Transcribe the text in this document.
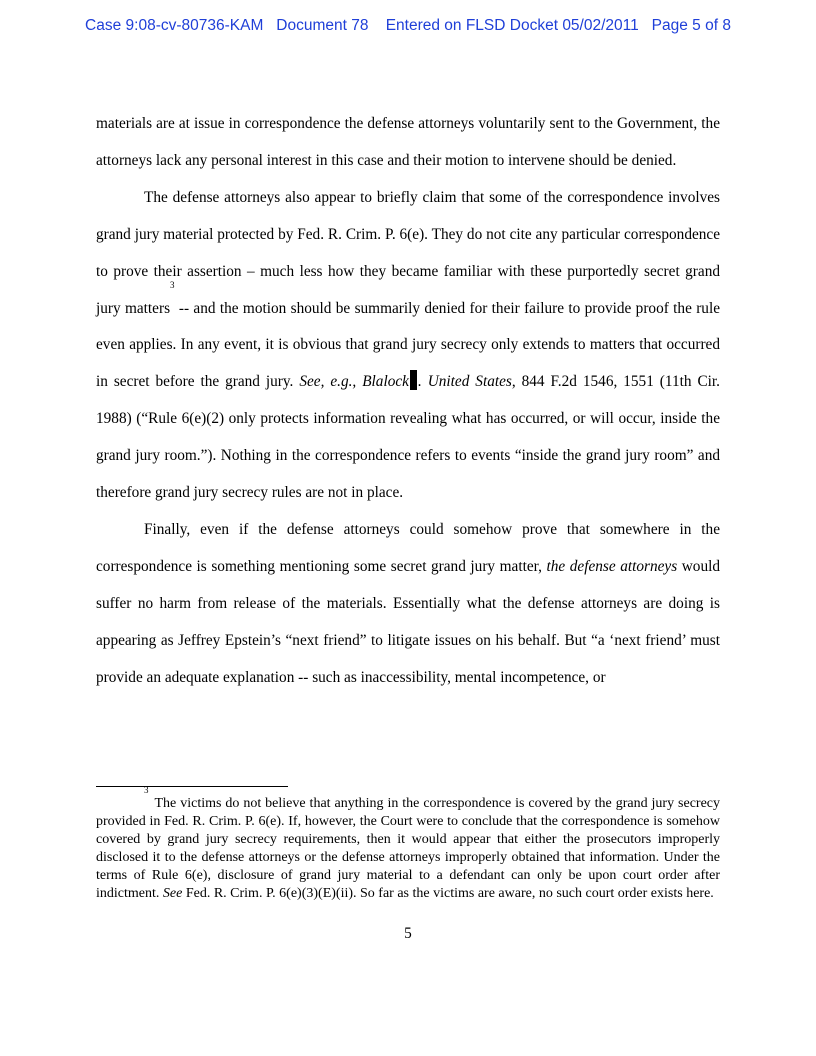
Case 9:08-cv-80736-KAM   Document 78    Entered on FLSD Docket 05/02/2011   Page 5 of 8

materials are at issue in correspondence the defense attorneys voluntarily sent to the Government, the attorneys lack any personal interest in this case and their motion to intervene should be denied.

The defense attorneys also appear to briefly claim that some of the correspondence involves grand jury material protected by Fed. R. Crim. P. 6(e). They do not cite any particular correspondence to prove their assertion – much less how they became familiar with these purportedly secret grand jury matters$^3$ -- and the motion should be summarily denied for their failure to provide proof the rule even applies. In any event, it is obvious that grand jury secrecy only extends to matters that occurred in secret before the grand jury. See, e.g., Blalock . United States, 844 F.2d 1546, 1551 (11th Cir. 1988) (“Rule 6(e)(2) only protects information revealing what has occurred, or will occur, inside the grand jury room.”). Nothing in the correspondence refers to events “inside the grand jury room” and therefore grand jury secrecy rules are not in place.

Finally, even if the defense attorneys could somehow prove that somewhere in the correspondence is something mentioning some secret grand jury matter, the defense attorneys would suffer no harm from release of the materials. Essentially what the defense attorneys are doing is appearing as Jeffrey Epstein’s “next friend” to litigate issues on his behalf. But “a ‘next friend’ must provide an adequate explanation -- such as inaccessibility, mental incompetence, or

$^3$The victims do not believe that anything in the correspondence is covered by the grand jury secrecy provided in Fed. R. Crim. P. 6(e). If, however, the Court were to conclude that the correspondence is somehow covered by grand jury secrecy requirements, then it would appear that either the prosecutors improperly disclosed it to the defense attorneys or the defense attorneys improperly obtained that information. Under the terms of Rule 6(e), disclosure of grand jury material to a defendant can only be upon court order after indictment. See Fed. R. Crim. P. 6(e)(3)(E)(ii). So far as the victims are aware, no such court order exists here.

5
